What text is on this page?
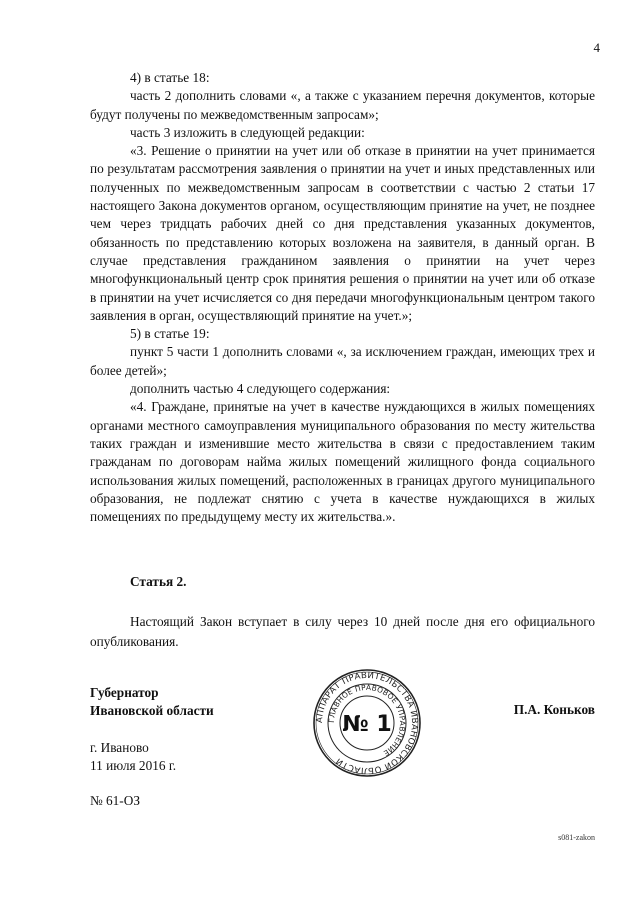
4

4) в статье 18:

часть 2 дополнить словами «, а также с указанием перечня документов, которые будут получены по межведомственным запросам»;

часть 3 изложить в следующей редакции:

«3. Решение о принятии на учет или об отказе в принятии на учет принимается по результатам рассмотрения заявления о принятии на учет и иных представленных или полученных по межведомственным запросам в соответствии с частью 2 статьи 17 настоящего Закона документов органом, осуществляющим принятие на учет, не позднее чем через тридцать рабочих дней со дня представления указанных документов, обязанность по представлению которых возложена на заявителя, в данный орган. В случае представления гражданином заявления о принятии на учет через многофункциональный центр срок принятия решения о принятии на учет или об отказе в принятии на учет исчисляется со дня передачи многофункциональным центром такого заявления в орган, осуществляющий принятие на учет.»;

5) в статье 19:

пункт 5 части 1 дополнить словами «, за исключением граждан, имеющих трех и более детей»;

дополнить частью 4 следующего содержания:

«4. Граждане, принятые на учет в качестве нуждающихся в жилых помещениях органами местного самоуправления муниципального образования по месту жительства таких граждан и изменившие место жительства в связи с предоставлением таким гражданам по договорам найма жилых помещений жилищного фонда социального использования жилых помещений, расположенных в границах другого муниципального образования, не подлежат снятию с учета в качестве нуждающихся в жилых помещениях по предыдущему месту их жительства.».

Статья 2.

Настоящий Закон вступает в силу через 10 дней после дня его официального опубликования.

Губернатор
Ивановской области
АППАРАТ ПРАВИТЕЛЬСТВА ИВАНОВСКОЙ ОБЛАСТИ
ГЛАВНОЕ ПРАВОВОЕ УПРАВЛЕНИЕ
№ 1
П.А. Коньков
г. Иваново
11 июля 2016 г.
№ 61-ОЗ
s081-zakon
